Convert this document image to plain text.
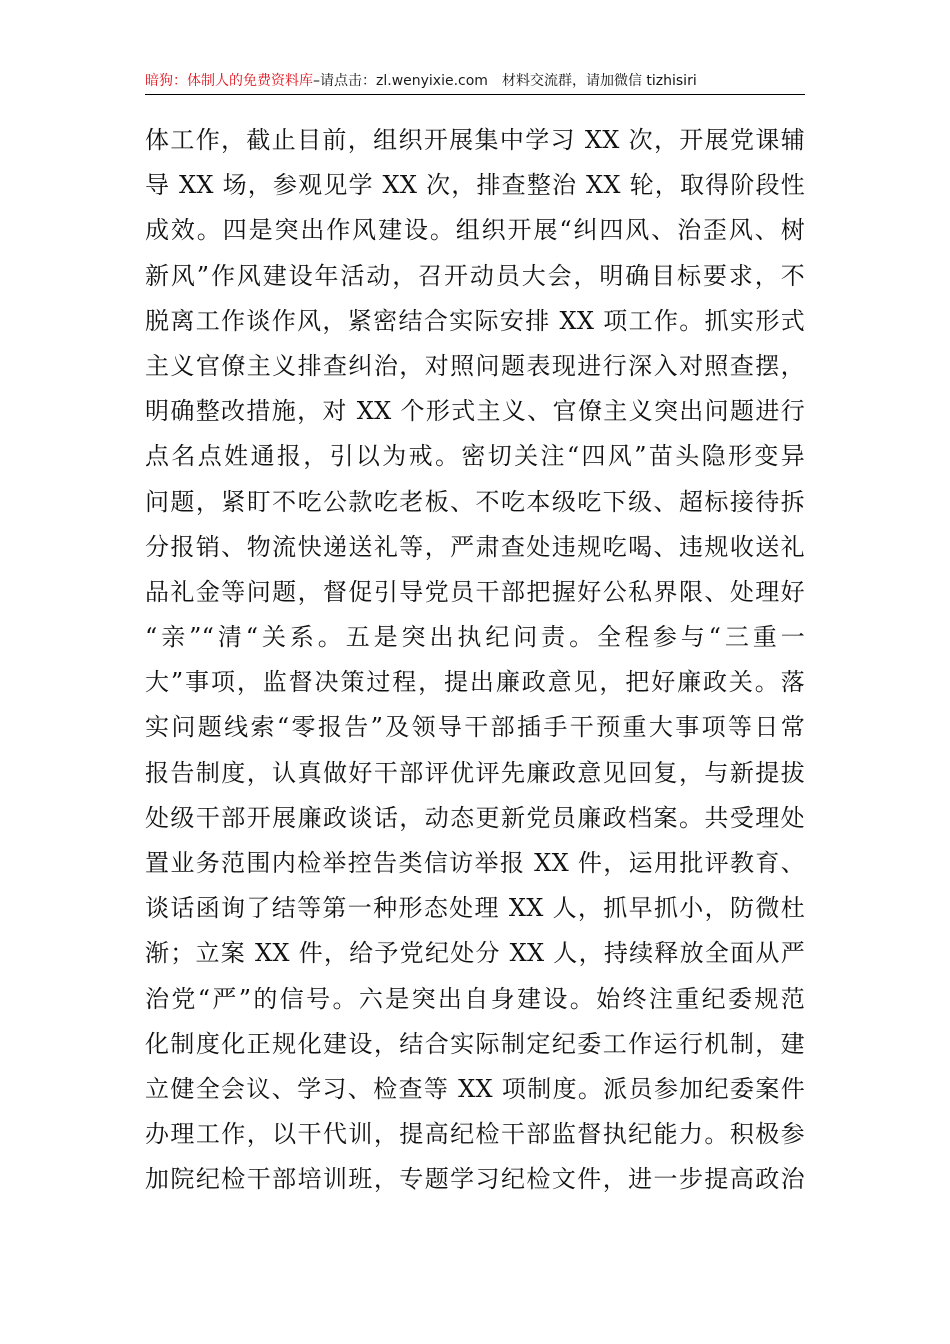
暗狗：体制人的免费资料库–请点击：zl.wenyixie.com 材料交流群，请加微信 tizhisiri
体工作，截止目前，组织开展集中学习 XX 次，开展党课辅
导 XX 场，参观见学 XX 次，排查整治 XX 轮，取得阶段性
成效。四是突出作风建设。组织开展“纠四风、治歪风、树
新风”作风建设年活动，召开动员大会，明确目标要求，不
脱离工作谈作风，紧密结合实际安排 XX 项工作。抓实形式
主义官僚主义排查纠治，对照问题表现进行深入对照查摆，
明确整改措施，对 XX 个形式主义、官僚主义突出问题进行
点名点姓通报，引以为戒。密切关注“四风”苗头隐形变异
问题，紧盯不吃公款吃老板、不吃本级吃下级、超标接待拆
分报销、物流快递送礼等，严肃查处违规吃喝、违规收送礼
品礼金等问题，督促引导党员干部把握好公私界限、处理好
“亲”“清“关系。五是突出执纪问责。全程参与“三重一
大”事项，监督决策过程，提出廉政意见，把好廉政关。落
实问题线索“零报告”及领导干部插手干预重大事项等日常
报告制度，认真做好干部评优评先廉政意见回复，与新提拔
处级干部开展廉政谈话，动态更新党员廉政档案。共受理处
置业务范围内检举控告类信访举报 XX 件，运用批评教育、
谈话函询了结等第一种形态处理 XX 人，抓早抓小，防微杜
渐；立案 XX 件，给予党纪处分 XX 人，持续释放全面从严
治党“严”的信号。六是突出自身建设。始终注重纪委规范
化制度化正规化建设，结合实际制定纪委工作运行机制，建
立健全会议、学习、检查等 XX 项制度。派员参加纪委案件
办理工作，以干代训，提高纪检干部监督执纪能力。积极参
加院纪检干部培训班，专题学习纪检文件，进一步提高政治
